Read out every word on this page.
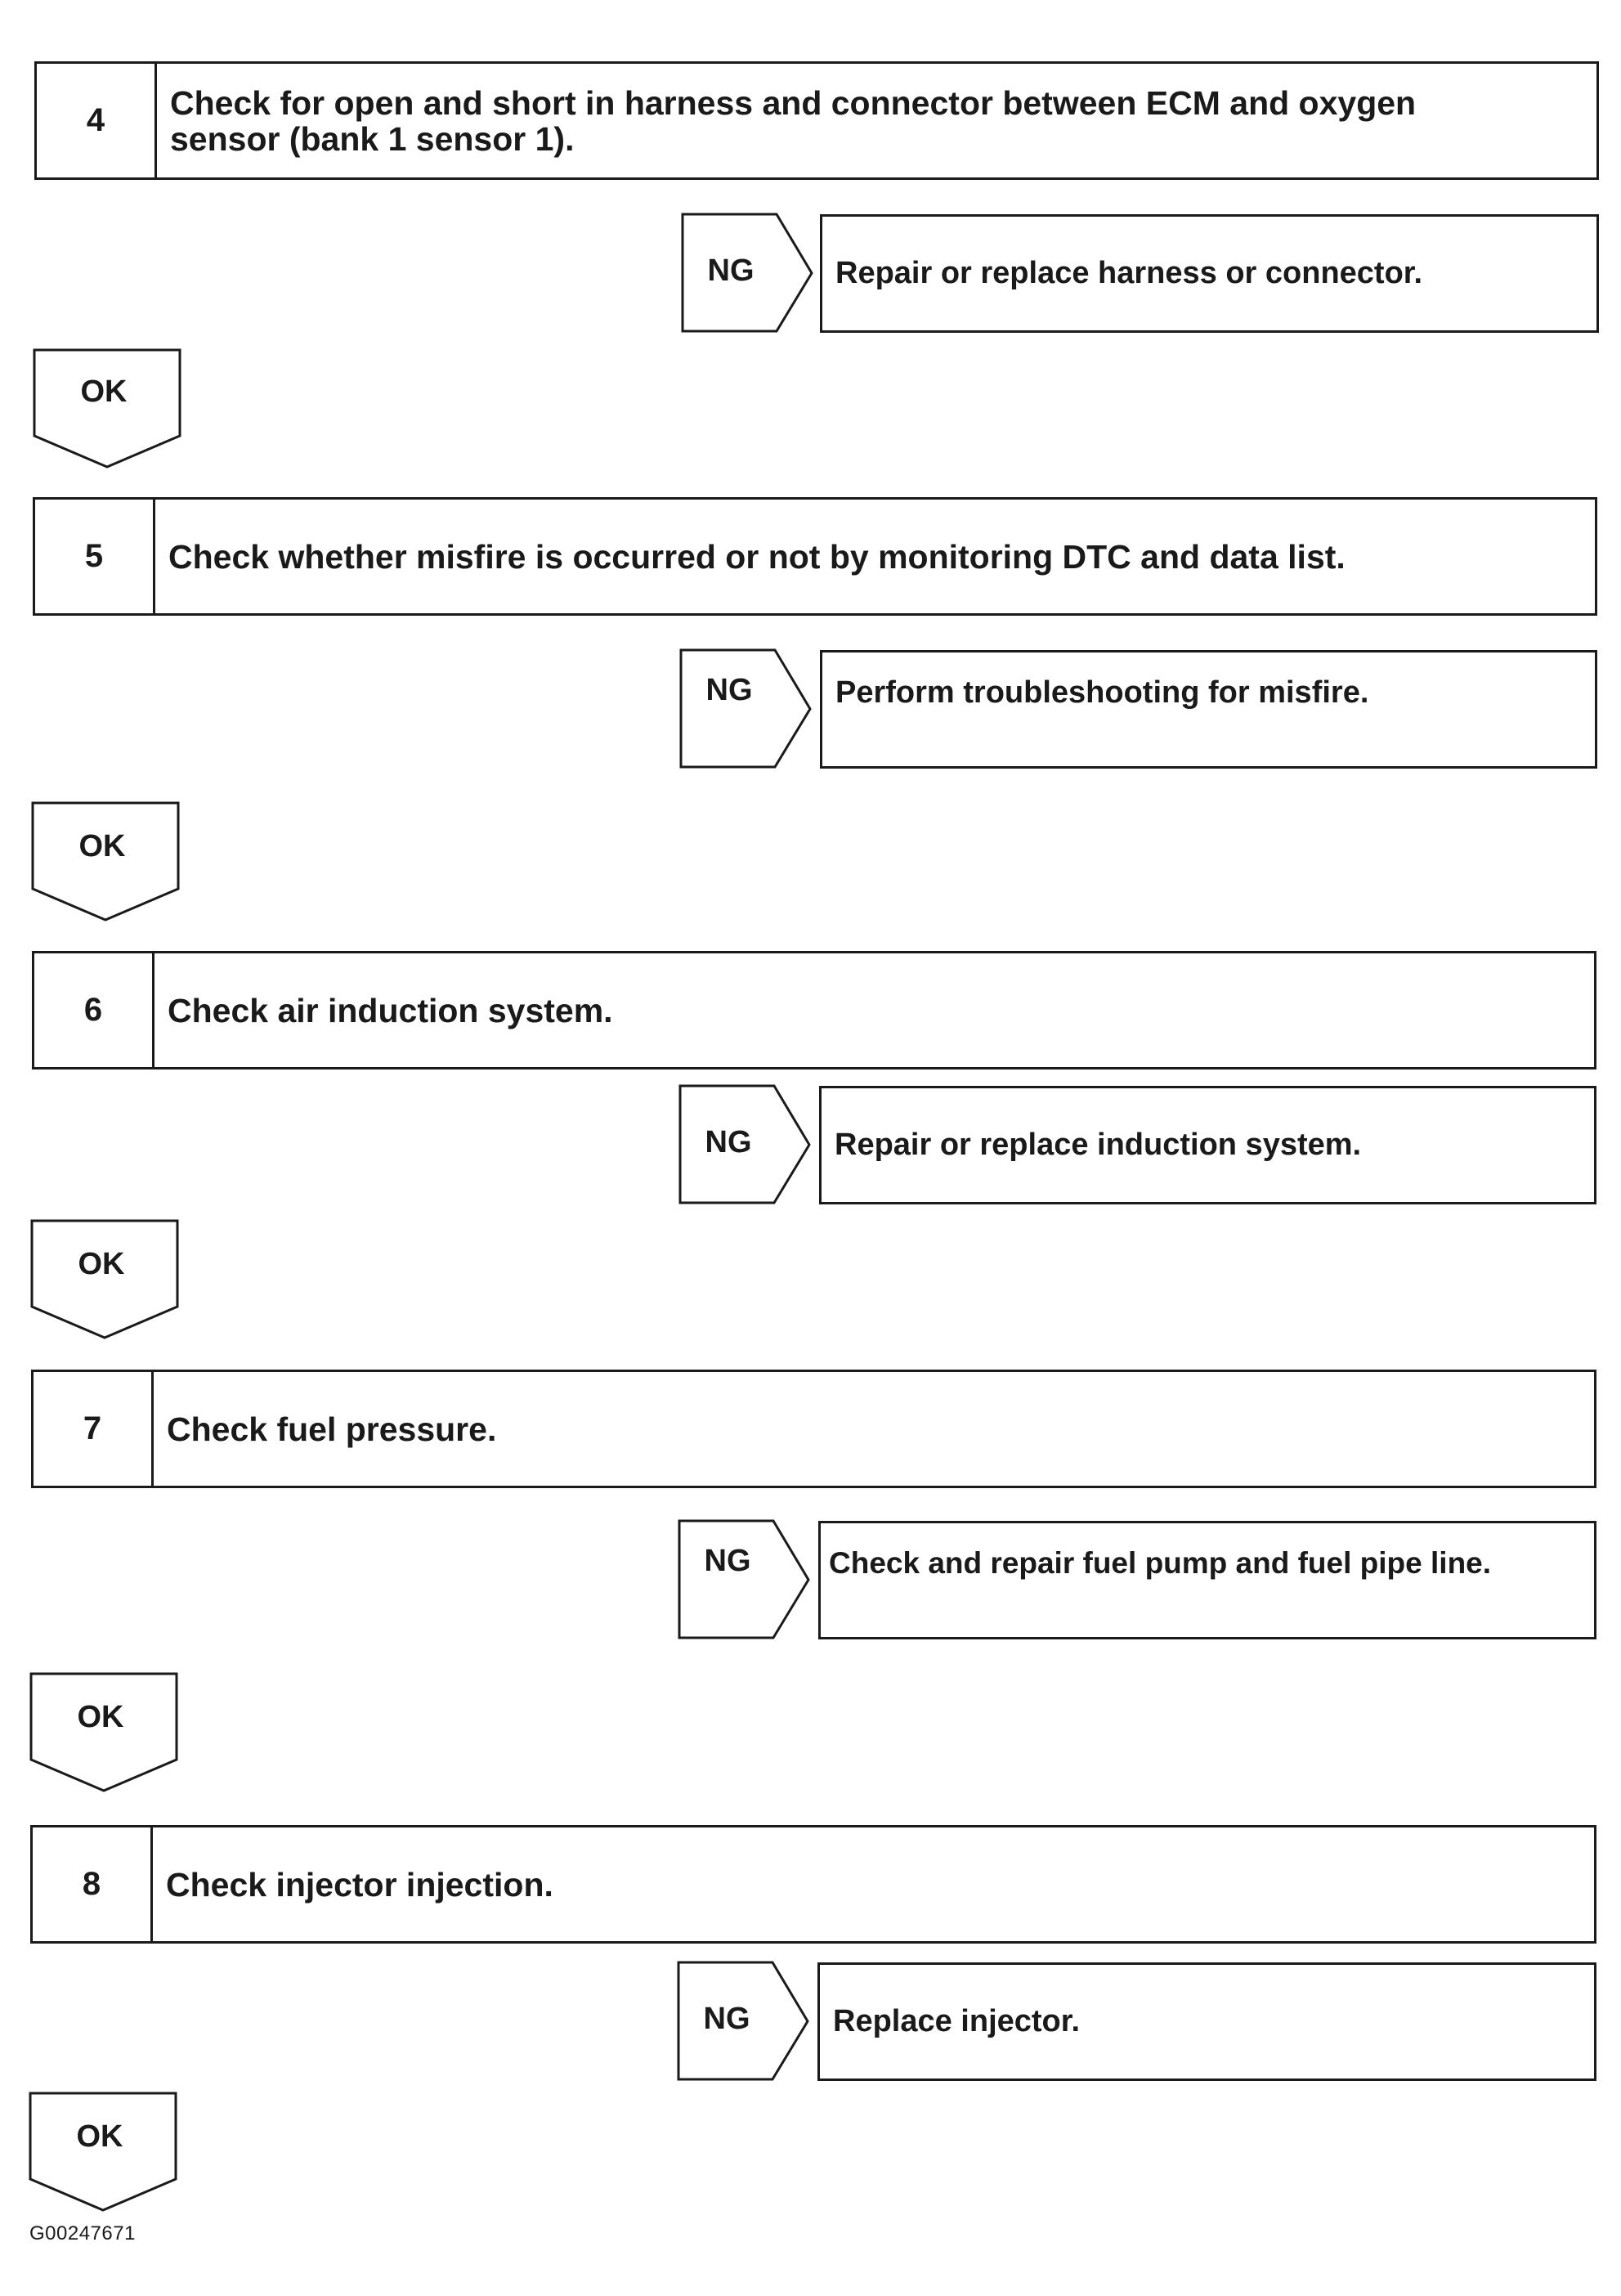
4	Check for open and short in harness and connector between ECM and oxygen
sensor (bank 1 sensor 1).
NG	Repair or replace harness or connector.
OK
5	Check whether misfire is occurred or not by monitoring DTC and data list.
NG	Perform troubleshooting for misfire.
OK
6	Check air induction system.
NG	Repair or replace induction system.
OK
7	Check fuel pressure.
NG	Check and repair fuel pump and fuel pipe line.
OK
8	Check injector injection.
NG	Replace injector.
OK
G00247671
